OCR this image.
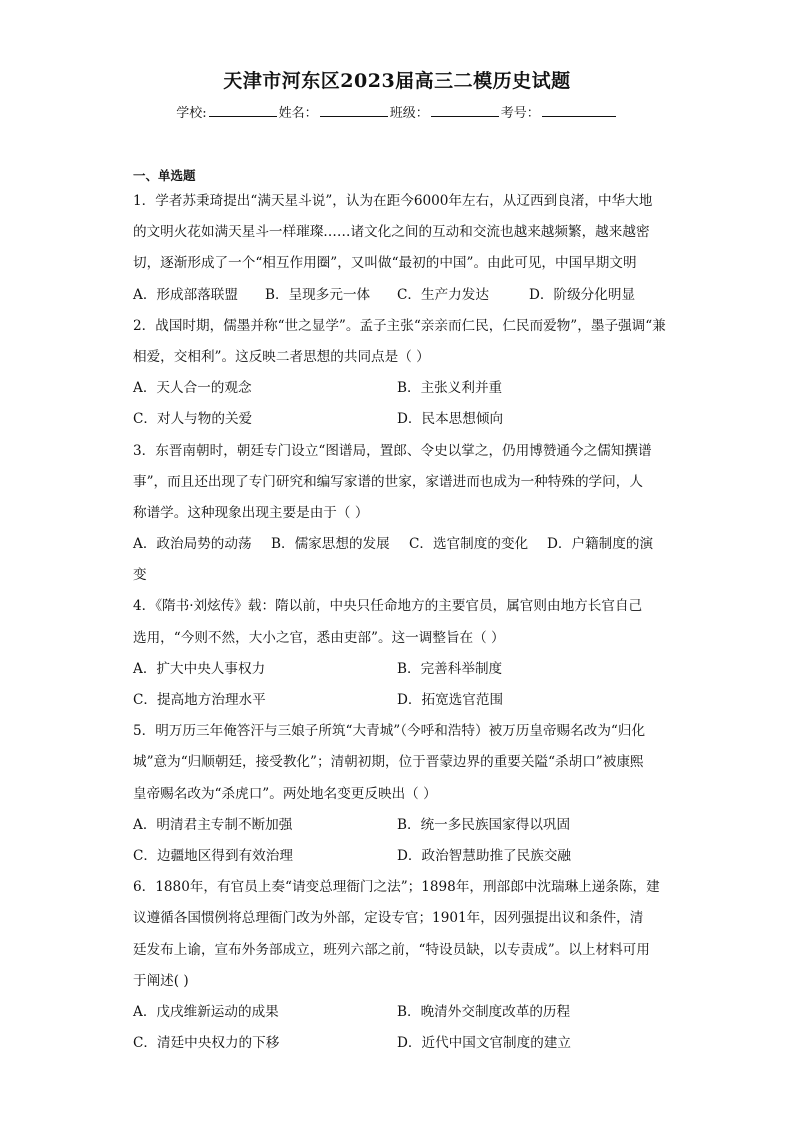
天津市河东区2023届高三二模历史试题
学校:	姓名：	班级：	考号：
一、单选题
1．学者苏秉琦提出“满天星斗说”，认为在距今6000年左右，从辽西到良渚，中华大地
的文明火花如满天星斗一样璀璨……诸文化之间的互动和交流也越来越频繁，越来越密
切，逐渐形成了一个“相互作用圈”，又叫做“最初的中国”。由此可见，中国早期文明
A．形成部落联盟	B．呈现多元一体	C．生产力发达	D．阶级分化明显
2．战国时期，儒墨并称“世之显学”。孟子主张“亲亲而仁民，仁民而爱物”，墨子强调“兼
相爱，交相利”。这反映二者思想的共同点是（ ）
A．天人合一的观念	B．主张义利并重
C．对人与物的关爱	D．民本思想倾向
3．东晋南朝时，朝廷专门设立“图谱局，置郎、令史以掌之，仍用博赞通今之儒知撰谱
事”，而且还出现了专门研究和编写家谱的世家，家谱进而也成为一种特殊的学问，人
称谱学。这种现象出现主要是由于（ ）
A．政治局势的动荡	B．儒家思想的发展	C．选官制度的变化	D．户籍制度的演
变
4．《隋书·刘炫传》载：隋以前，中央只任命地方的主要官员，属官则由地方长官自己
选用，“今则不然，大小之官，悉由吏部”。这一调整旨在（ ）
A．扩大中央人事权力	B．完善科举制度
C．提高地方治理水平	D．拓宽选官范围
5．明万历三年俺答汗与三娘子所筑“大青城”（今呼和浩特）被万历皇帝赐名改为“归化
城”意为“归顺朝廷，接受教化”；清朝初期，位于晋蒙边界的重要关隘“杀胡口”被康熙
皇帝赐名改为“杀虎口”。两处地名变更反映出（ ）
A．明清君主专制不断加强	B．统一多民族国家得以巩固
C．边疆地区得到有效治理	D．政治智慧助推了民族交融
6．1880年，有官员上奏“请变总理衙门之法”；1898年，刑部郎中沈瑞琳上递条陈，建
议遵循各国惯例将总理衙门改为外部，定设专官；1901年，因列强提出议和条件，清
廷发布上谕，宣布外务部成立，班列六部之前，“特设员缺，以专责成”。以上材料可用
于阐述( )
A．戊戌维新运动的成果	B．晚清外交制度改革的历程
C．清廷中央权力的下移	D．近代中国文官制度的建立
